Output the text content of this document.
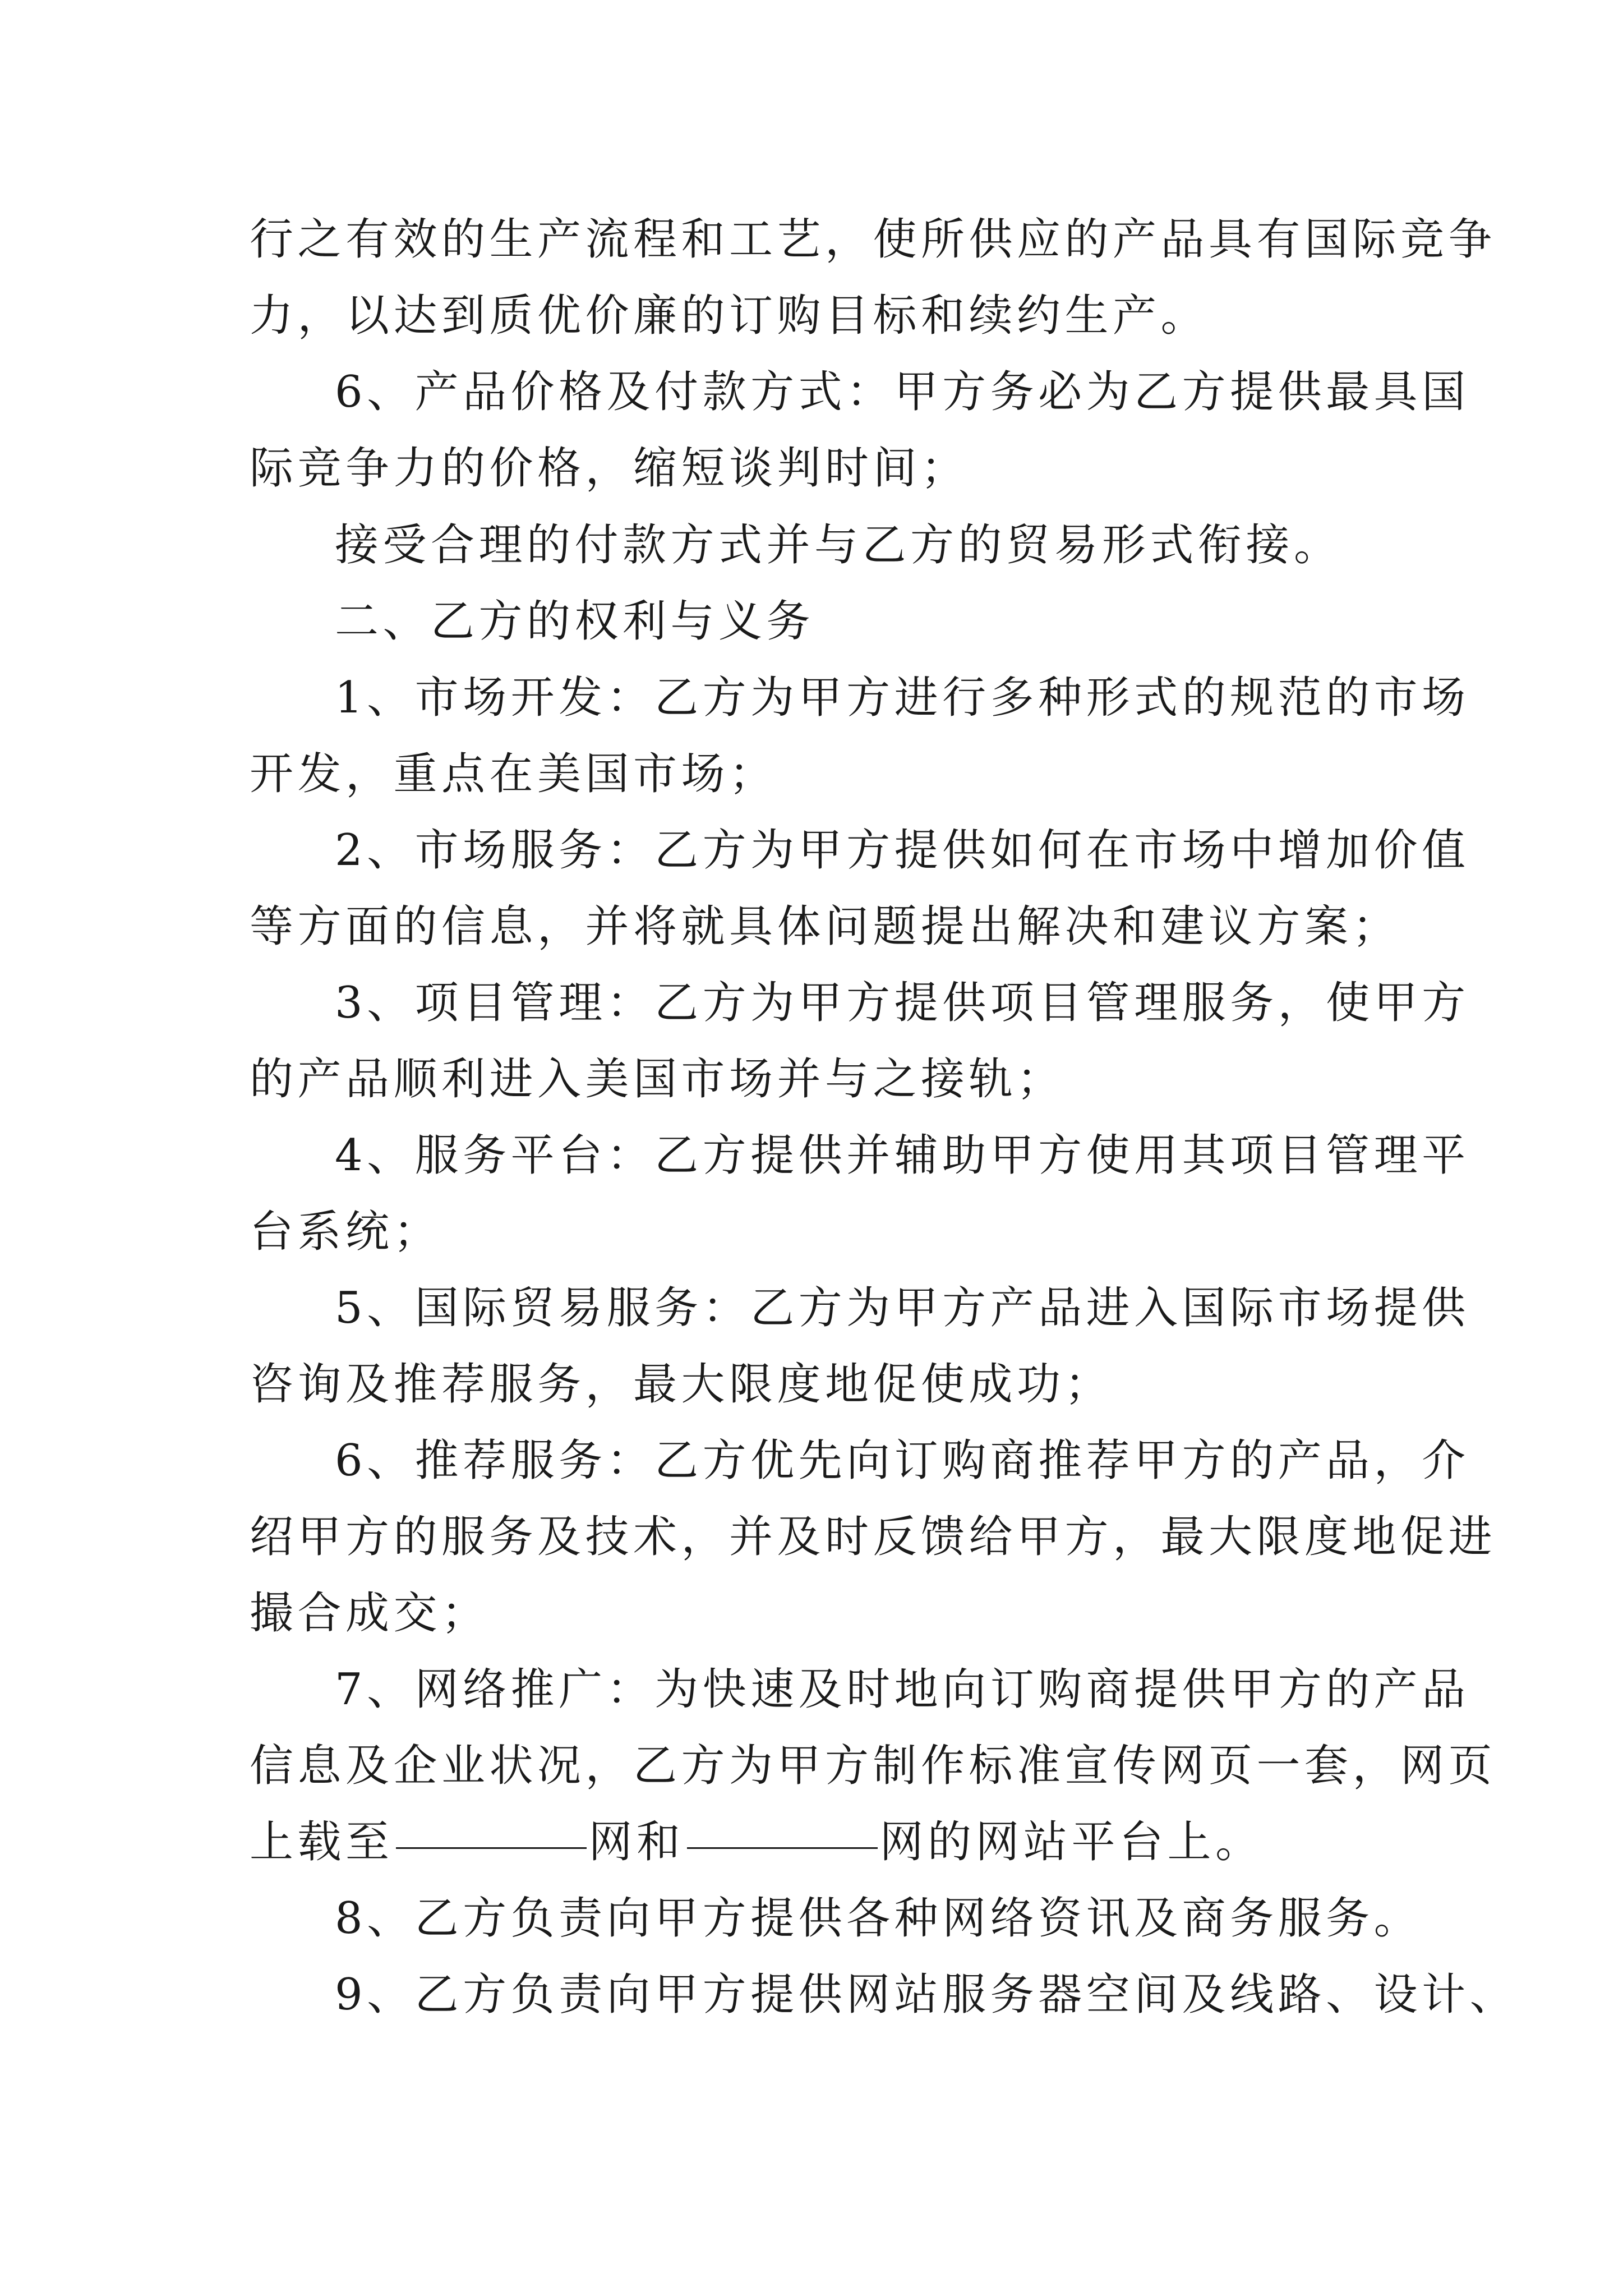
行之有效的生产流程和工艺，使所供应的产品具有国际竞争
力，以达到质优价廉的订购目标和续约生产。
6、产品价格及付款方式：甲方务必为乙方提供最具国
际竞争力的价格，缩短谈判时间；
接受合理的付款方式并与乙方的贸易形式衔接。
二、乙方的权利与义务
1、市场开发：乙方为甲方进行多种形式的规范的市场
开发，重点在美国市场；
2、市场服务：乙方为甲方提供如何在市场中增加价值
等方面的信息，并将就具体问题提出解决和建议方案；
3、项目管理：乙方为甲方提供项目管理服务，使甲方
的产品顺利进入美国市场并与之接轨；
4、服务平台：乙方提供并辅助甲方使用其项目管理平
台系统；
5、国际贸易服务：乙方为甲方产品进入国际市场提供
咨询及推荐服务，最大限度地促使成功；
6、推荐服务：乙方优先向订购商推荐甲方的产品，介
绍甲方的服务及技术，并及时反馈给甲方，最大限度地促进
撮合成交；
7、网络推广：为快速及时地向订购商提供甲方的产品
信息及企业状况，乙方为甲方制作标准宣传网页一套，网页
上载至	网和	网的网站平台上。
8、乙方负责向甲方提供各种网络资讯及商务服务。
9、乙方负责向甲方提供网站服务器空间及线路、设计、
